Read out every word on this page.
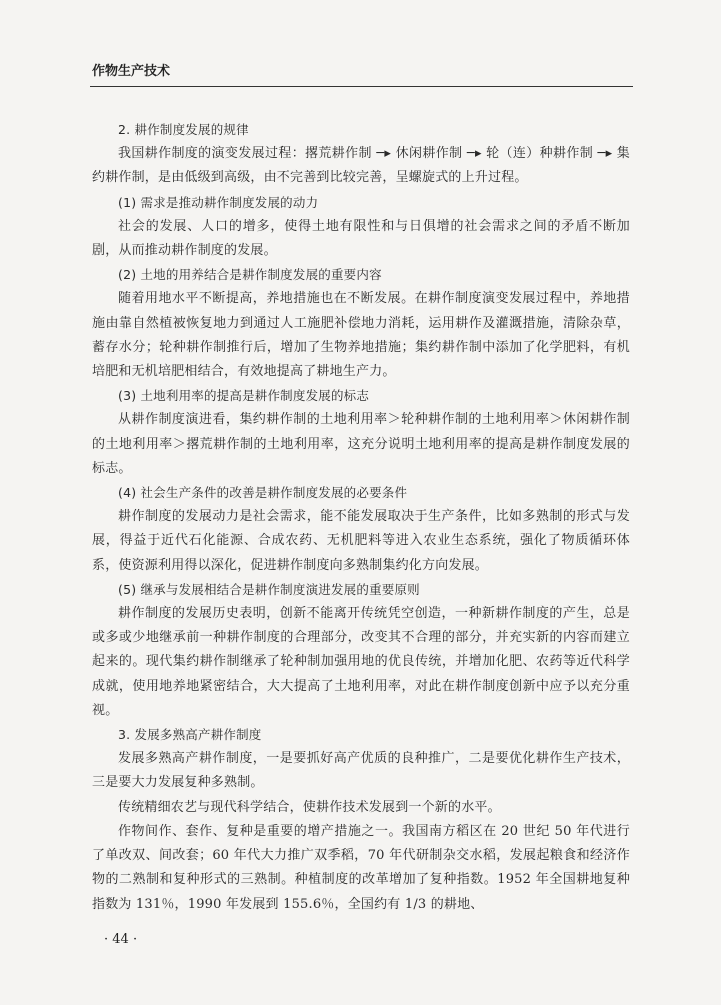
作物生产技术

2. 耕作制度发展的规律

我国耕作制度的演变发展过程：撂荒耕作制 ─▸ 休闲耕作制 ─▸ 轮（连）种耕作制 ─▸ 集约耕作制，是由低级到高级，由不完善到比较完善，呈螺旋式的上升过程。

(1) 需求是推动耕作制度发展的动力

社会的发展、人口的增多，使得土地有限性和与日俱增的社会需求之间的矛盾不断加剧，从而推动耕作制度的发展。

(2) 土地的用养结合是耕作制度发展的重要内容

随着用地水平不断提高，养地措施也在不断发展。在耕作制度演变发展过程中，养地措施由靠自然植被恢复地力到通过人工施肥补偿地力消耗，运用耕作及灌溉措施，清除杂草，蓄存水分；轮种耕作制推行后，增加了生物养地措施；集约耕作制中添加了化学肥料，有机培肥和无机培肥相结合，有效地提高了耕地生产力。

(3) 土地利用率的提高是耕作制度发展的标志

从耕作制度演进看，集约耕作制的土地利用率＞轮种耕作制的土地利用率＞休闲耕作制的土地利用率＞撂荒耕作制的土地利用率，这充分说明土地利用率的提高是耕作制度发展的标志。

(4) 社会生产条件的改善是耕作制度发展的必要条件

耕作制度的发展动力是社会需求，能不能发展取决于生产条件，比如多熟制的形式与发展，得益于近代石化能源、合成农药、无机肥料等进入农业生态系统，强化了物质循环体系，使资源利用得以深化，促进耕作制度向多熟制集约化方向发展。

(5) 继承与发展相结合是耕作制度演进发展的重要原则

耕作制度的发展历史表明，创新不能离开传统凭空创造，一种新耕作制度的产生，总是或多或少地继承前一种耕作制度的合理部分，改变其不合理的部分，并充实新的内容而建立起来的。现代集约耕作制继承了轮种制加强用地的优良传统，并增加化肥、农药等近代科学成就，使用地养地紧密结合，大大提高了土地利用率，对此在耕作制度创新中应予以充分重视。

3. 发展多熟高产耕作制度

发展多熟高产耕作制度，一是要抓好高产优质的良种推广，二是要优化耕作生产技术，三是要大力发展复种多熟制。

传统精细农艺与现代科学结合，使耕作技术发展到一个新的水平。

作物间作、套作、复种是重要的增产措施之一。我国南方稻区在 20 世纪 50 年代进行了单改双、间改套；60 年代大力推广双季稻，70 年代研制杂交水稻，发展起粮食和经济作物的二熟制和复种形式的三熟制。种植制度的改革增加了复种指数。1952 年全国耕地复种指数为 131％，1990 年发展到 155.6％，全国约有 1/3 的耕地、

· 44 ·
